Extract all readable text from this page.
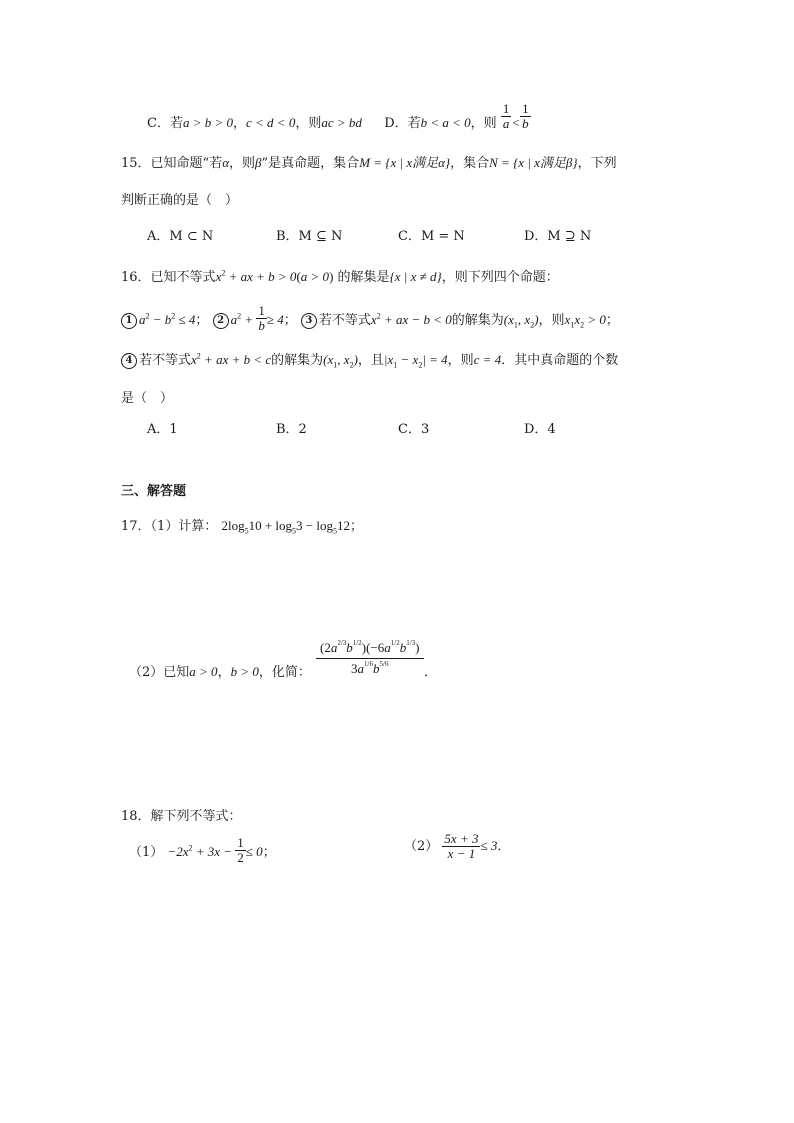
C．若a > b > 0，c < d < 0，则ac > bd D．若b < a < 0，则 $\frac{1}{a} < \frac{1}{b}$
15．已知命题“若α，则β”是真命题，集合M = {x | x满足α}，集合N = {x | x满足β}，下列
判断正确的是（　）
A．M ⊂ N	B．M ⊆ N	C．M = N	D．M ⊇ N
16．已知不等式$x^2$ + ax + b > 0(a > 0) 的解集是{x | x ≠ d}，则下列四个命题：
1 $a^2 - b^2 \le 4$； 2 $a^2 + \frac{1}{b} \ge 4$； 3 若不等式$x^2$ + ax − b < 0的解集为($x_1$, $x_2$)，则$x_1x_2 > 0$；
4 若不等式$x^2$ + ax + b < c的解集为($x_1$, $x_2$)，且$|x_1 - x_2| = 4$，则c = 4．其中真命题的个数
是（　）
A．1	B．2	C．3	D．4
三、解答题
17．（1）计算： $2\log_510 + \log_53 - \log_512$；
（2）已知a > 0，b > 0，化简： $\frac{(2a^{2/3}b^{1/2})(-6a^{1/2}b^{1/3})}{3a^{1/6}b^{5/6}}$ ．
18．解下列不等式：
$(1) -2x^2 + 3x - \frac{1}{2} \le 0$；	$(2) \frac{5x + 3}{x - 1} \le 3$．
